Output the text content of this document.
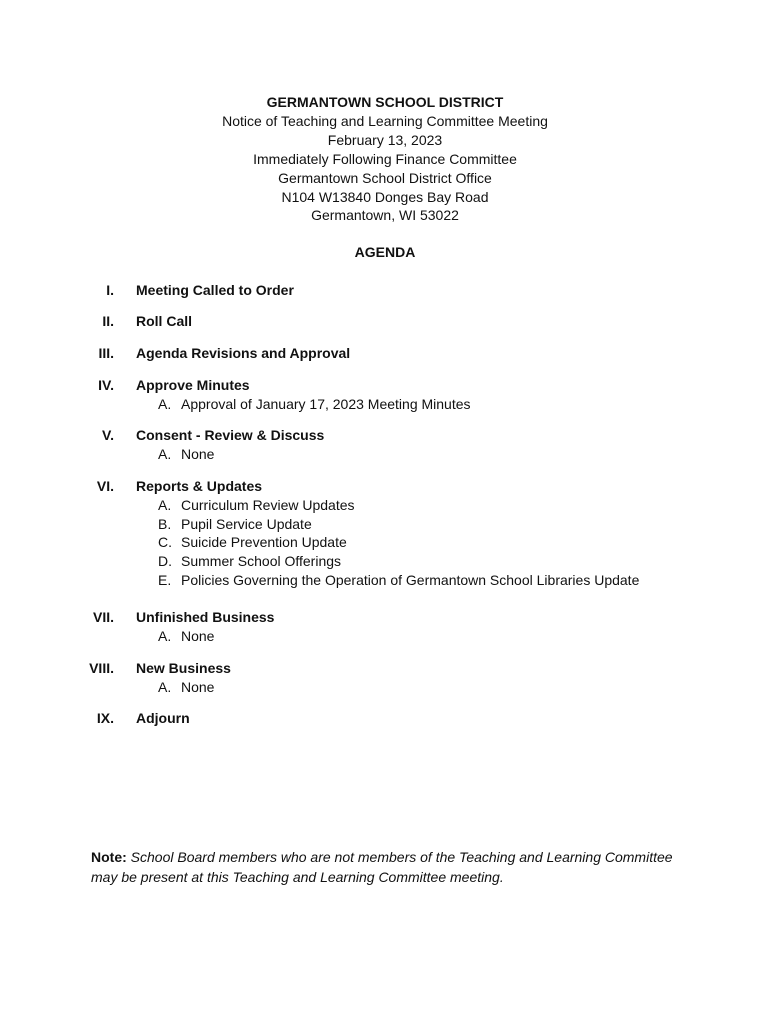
GERMANTOWN SCHOOL DISTRICT
Notice of Teaching and Learning Committee Meeting
February 13, 2023
Immediately Following Finance Committee
Germantown School District Office
N104 W13840 Donges Bay Road
Germantown, WI 53022
AGENDA
I. Meeting Called to Order
II. Roll Call
III. Agenda Revisions and Approval
IV. Approve Minutes
A. Approval of January 17, 2023 Meeting Minutes
V. Consent - Review & Discuss
A. None
VI. Reports & Updates
A. Curriculum Review Updates
B. Pupil Service Update
C. Suicide Prevention Update
D. Summer School Offerings
E. Policies Governing the Operation of Germantown School Libraries Update
VII. Unfinished Business
A. None
VIII. New Business
A. None
IX. Adjourn
Note: School Board members who are not members of the Teaching and Learning Committee may be present at this Teaching and Learning Committee meeting.
